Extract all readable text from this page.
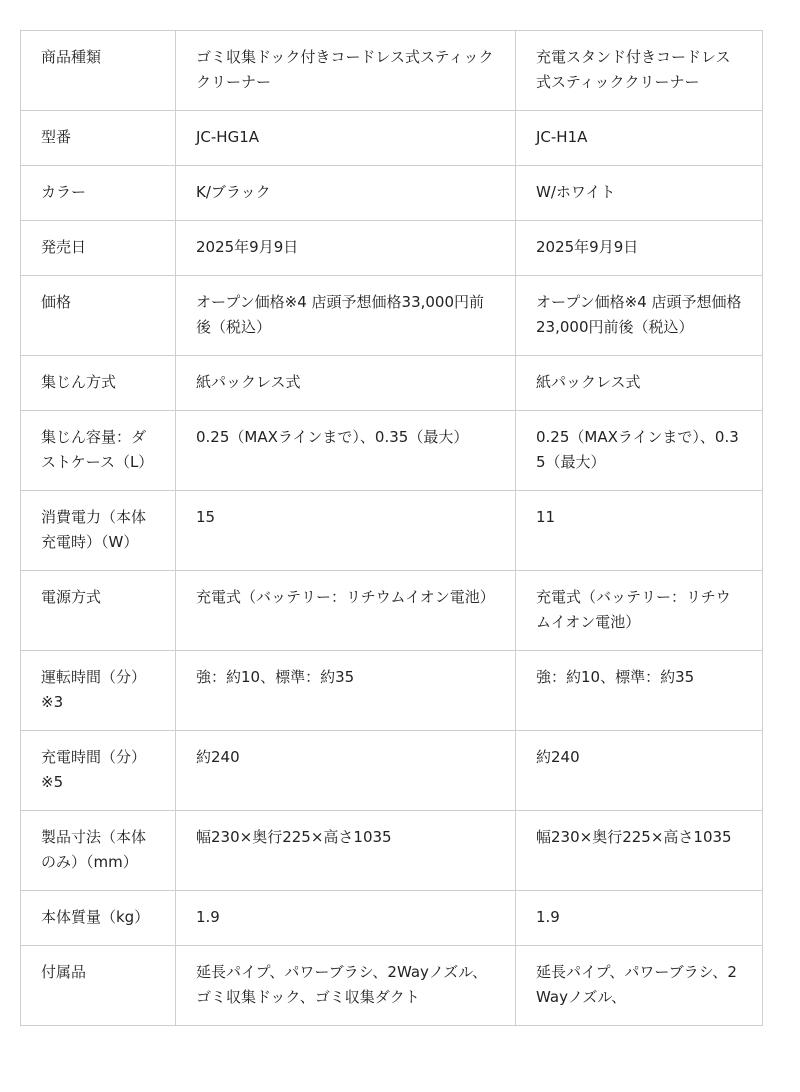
商品種類	ゴミ収集ドック付きコードレス式スティッククリーナー	充電スタンド付きコードレス式スティッククリーナー
型番	JC-HG1A	JC-H1A
カラー	K/ブラック	W/ホワイト
発売日	2025年9月9日	2025年9月9日
価格	オープン価格※4 店頭予想価格33,000円前後（税込）	オープン価格※4 店頭予想価格23,000円前後（税込）
集じん方式	紙パックレス式	紙パックレス式
集じん容量：ダストケース（L）	0.25（MAXラインまで）、0.35（最大）	0.25（MAXラインまで）、0.35（最大）
消費電力（本体充電時）（W）	15	11
電源方式	充電式（バッテリー：リチウムイオン電池）	充電式（バッテリー：リチウムイオン電池）
運転時間（分）※3	強：約10、標準：約35	強：約10、標準：約35
充電時間（分）※5	約240	約240
製品寸法（本体のみ）（mm）	幅230×奥行225×高さ1035	幅230×奥行225×高さ1035
本体質量（kg）	1.9	1.9
付属品	延長パイプ、パワーブラシ、2Wayノズル、ゴミ収集ドック、ゴミ収集ダクト	延長パイプ、パワーブラシ、2Wayノズル、
